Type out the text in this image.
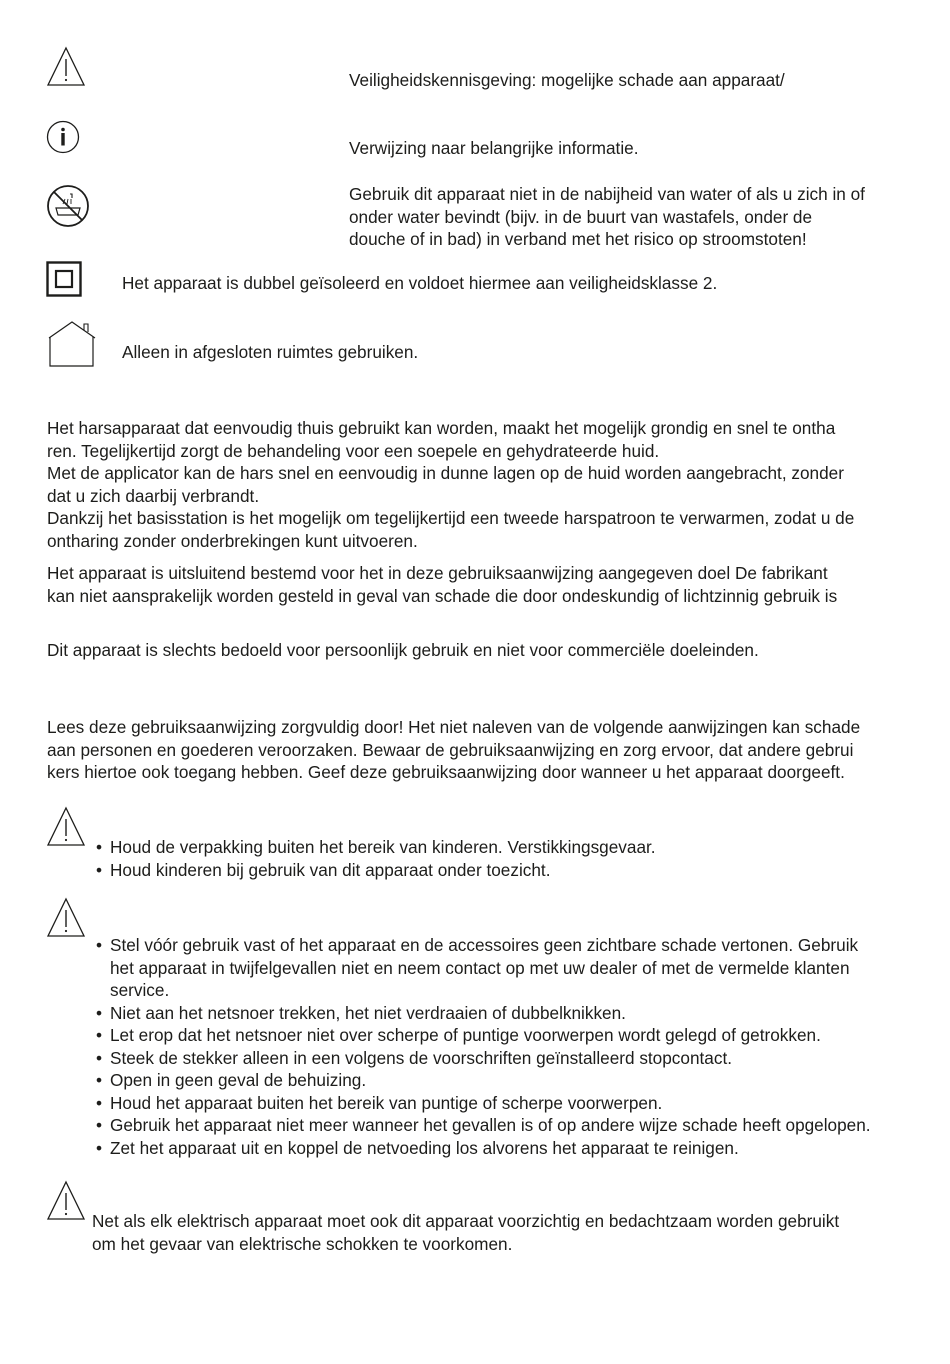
Veiligheidskennisgeving: mogelijke schade aan apparaat/
Verwijzing naar belangrijke informatie.
Gebruik dit apparaat niet in de nabijheid van water of als u zich in of
onder water bevindt (bijv. in de buurt van wastafels, onder de
douche of in bad) in verband met het risico op stroomstoten!
Het apparaat is dubbel geïsoleerd en voldoet hiermee aan veiligheidsklasse 2.
Alleen in afgesloten ruimtes gebruiken.
Het harsapparaat dat eenvoudig thuis gebruikt kan worden, maakt het mogelijk grondig en snel te ontha
ren. Tegelijkertijd zorgt de behandeling voor een soepele en gehydrateerde huid.
Met de applicator kan de hars snel en eenvoudig in dunne lagen op de huid worden aangebracht, zonder
dat u zich daarbij verbrandt.
Dankzij het basisstation is het mogelijk om tegelijkertijd een tweede harspatroon te verwarmen, zodat u de
ontharing zonder onderbrekingen kunt uitvoeren.
Het apparaat is uitsluitend bestemd voor het in deze gebruiksaanwijzing aangegeven doel De fabrikant
kan niet aansprakelijk worden gesteld in geval van schade die door ondeskundig of lichtzinnig gebruik is
Dit apparaat is slechts bedoeld voor persoonlijk gebruik en niet voor commerciële doeleinden.
Lees deze gebruiksaanwijzing zorgvuldig door! Het niet naleven van de volgende aanwijzingen kan schade
aan personen en goederen veroorzaken. Bewaar de gebruiksaanwijzing en zorg ervoor, dat andere gebrui
kers hiertoe ook toegang hebben. Geef deze gebruiksaanwijzing door wanneer u het apparaat doorgeeft.
• Houd de verpakking buiten het bereik van kinderen. Verstikkingsgevaar.
• Houd kinderen bij gebruik van dit apparaat onder toezicht.
• Stel vóór gebruik vast of het apparaat en de accessoires geen zichtbare schade vertonen. Gebruik
het apparaat in twijfelgevallen niet en neem contact op met uw dealer of met de vermelde klanten
service.
• Niet aan het netsnoer trekken, het niet verdraaien of dubbelknikken.
• Let erop dat het netsnoer niet over scherpe of puntige voorwerpen wordt gelegd of getrokken.
• Steek de stekker alleen in een volgens de voorschriften geïnstalleerd stopcontact.
• Open in geen geval de behuizing.
• Houd het apparaat buiten het bereik van puntige of scherpe voorwerpen.
• Gebruik het apparaat niet meer wanneer het gevallen is of op andere wijze schade heeft opgelopen.
• Zet het apparaat uit en koppel de netvoeding los alvorens het apparaat te reinigen.
Net als elk elektrisch apparaat moet ook dit apparaat voorzichtig en bedachtzaam worden gebruikt
om het gevaar van elektrische schokken te voorkomen.
